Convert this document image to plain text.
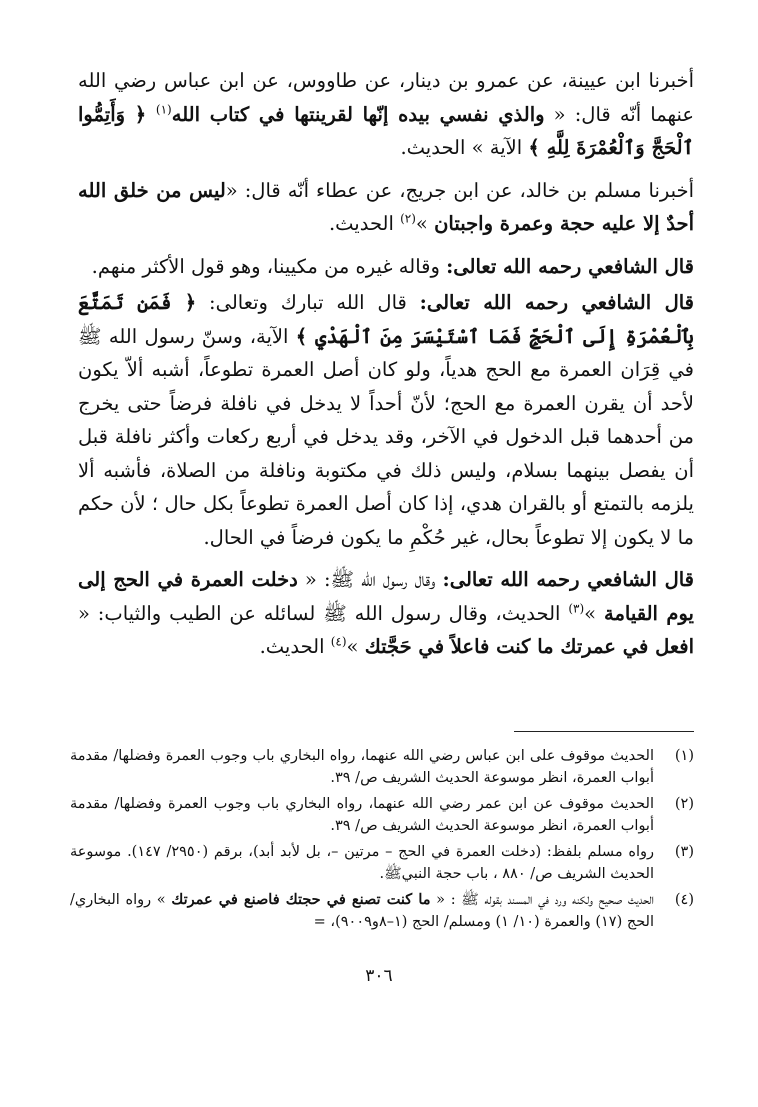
أخبرنا ابن عيينة، عن عمرو بن دينار، عن طاووس، عن ابن عباس رضي الله عنهما أنّه قال: « والذي نفسي بيده إنّها لقرينتها في كتاب الله$^{(١)}$ ﴿ وَأَتِمُّوا ٱلْحَجَّ وَٱلْعُمْرَةَ لِلَّهِ ﴾ الآية » الحديث.

أخبرنا مسلم بن خالد، عن ابن جريج، عن عطاء أنّه قال: «ليس من خلق الله أحدٌ إلا عليه حجة وعمرة واجبتان »$^{(٢)}$ الحديث.

قال الشافعي رحمه الله تعالى: وقاله غيره من مكيينا، وهو قول الأكثر منهم.

قال الشافعي رحمه الله تعالى: قال الله تبارك وتعالى: ﴿ فَمَن تَمَتَّعَ بِٱلْعُمْرَةِ إِلَى ٱلْحَجِّ فَمَا ٱسْتَيْسَرَ مِنَ ٱلْهَدْيِ ﴾ الآية، وسنّ رسول الله ﷺ في قِرَان العمرة مع الحج هدياً، ولو كان أصل العمرة تطوعاً، أشبه ألاّ يكون لأحد أن يقرن العمرة مع الحج؛ لأنّ أحداً لا يدخل في نافلة فرضاً حتى يخرج من أحدهما قبل الدخول في الآخر، وقد يدخل في أربع ركعات وأكثر نافلة قبل أن يفصل بينهما بسلام، وليس ذلك في مكتوبة ونافلة من الصلاة، فأشبه ألا يلزمه بالتمتع أو بالقران هدي، إذا كان أصل العمرة تطوعاً بكل حال ؛ لأن حكم ما لا يكون إلا تطوعاً بحال، غير حُكْمِ ما يكون فرضاً في الحال.

قال الشافعي رحمه الله تعالى: وقال رسول الله ﷺ: « دخلت العمرة في الحج إلى يوم القيامة »$^{(٣)}$ الحديث، وقال رسول الله ﷺ لسائله عن الطيب والثياب: « افعل في عمرتك ما كنت فاعلاً في حَجَّتك »$^{(٤)}$ الحديث.

(١)
الحديث موقوف على ابن عباس رضي الله عنهما، رواه البخاري باب وجوب العمرة وفضلها/ مقدمة أبواب العمرة، انظر موسوعة الحديث الشريف ص/ ٣٩.
(٢)
الحديث موقوف عن ابن عمر رضي الله عنهما، رواه البخاري باب وجوب العمرة وفضلها/ مقدمة أبواب العمرة، انظر موسوعة الحديث الشريف ص/ ٣٩.
(٣)
رواه مسلم بلفظ: (دخلت العمرة في الحج – مرتين –، بل لأبد أبد)، برقم (٢٩٥٠/ ١٤٧). موسوعة الحديث الشريف ص/ ٨٨٠ ، باب حجة النبيﷺ.
(٤)
الحديث صحيح ولكنه ورد في المسند بقوله ﷺ : « ما كنت تصنع في حجتك فاصنع في عمرتك » رواه البخاري/ الحج (١٧) والعمرة (١٠/ ١) ومسلم/ الحج (١–٨و٩٠٠٩)، =
٣٠٦
